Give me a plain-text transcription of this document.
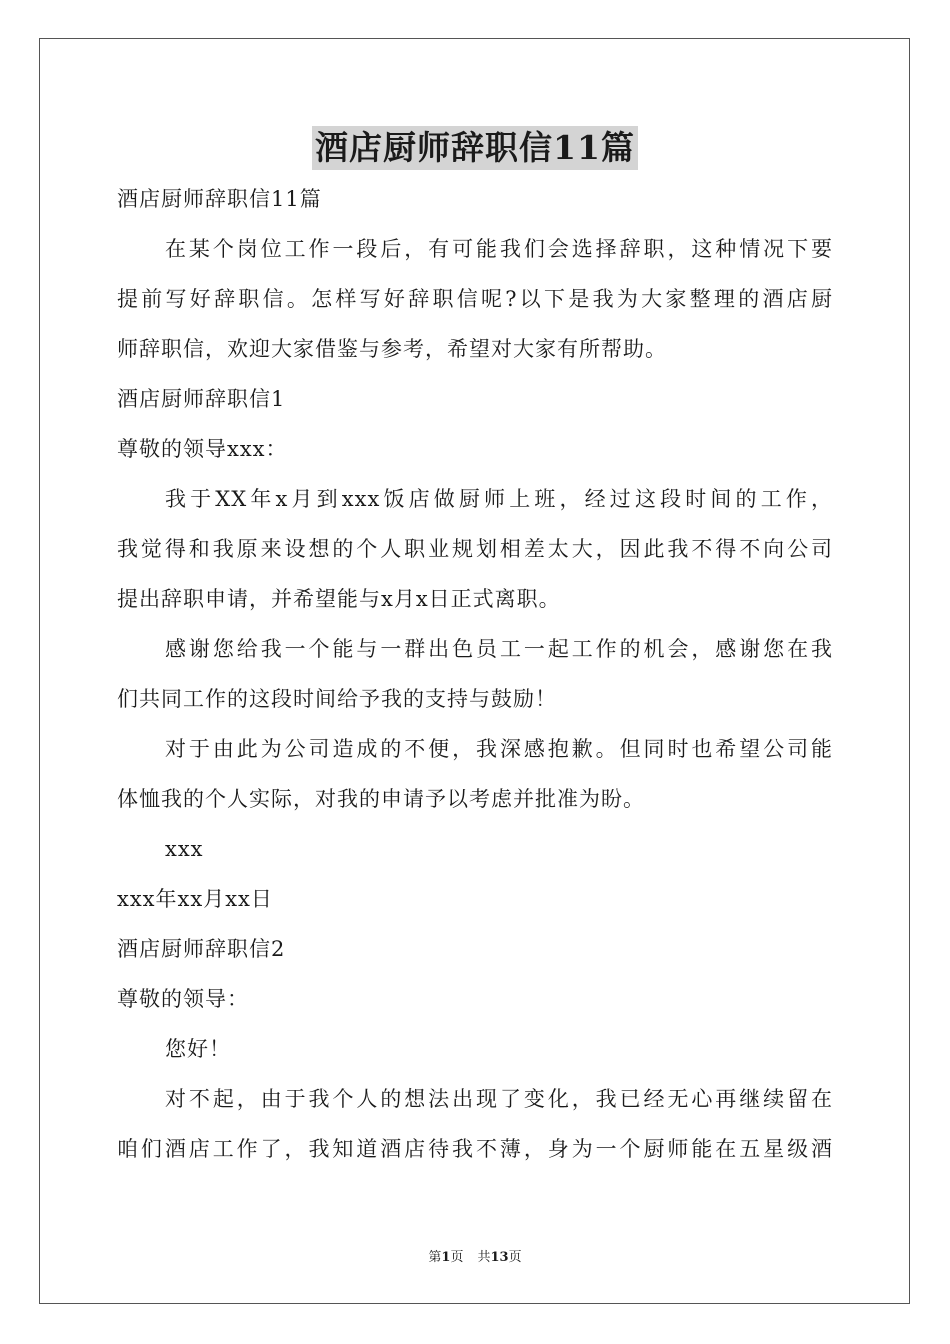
酒店厨师辞职信11篇
酒店厨师辞职信11篇
在某个岗位工作一段后，有可能我们会选择辞职，这种情况下要
提前写好辞职信。怎样写好辞职信呢?以下是我为大家整理的酒店厨
师辞职信，欢迎大家借鉴与参考，希望对大家有所帮助。
酒店厨师辞职信1
尊敬的领导xxx：
我于XX年x月到xxx饭店做厨师上班，经过这段时间的工作，
我觉得和我原来设想的个人职业规划相差太大，因此我不得不向公司
提出辞职申请，并希望能与x月x日正式离职。
感谢您给我一个能与一群出色员工一起工作的机会，感谢您在我
们共同工作的这段时间给予我的支持与鼓励！
对于由此为公司造成的不便，我深感抱歉。但同时也希望公司能
体恤我的个人实际，对我的申请予以考虑并批准为盼。
xxx
xxx年xx月xx日
酒店厨师辞职信2
尊敬的领导：
您好！
对不起，由于我个人的想法出现了变化，我已经无心再继续留在
咱们酒店工作了，我知道酒店待我不薄，身为一个厨师能在五星级酒
第1页 共13页
